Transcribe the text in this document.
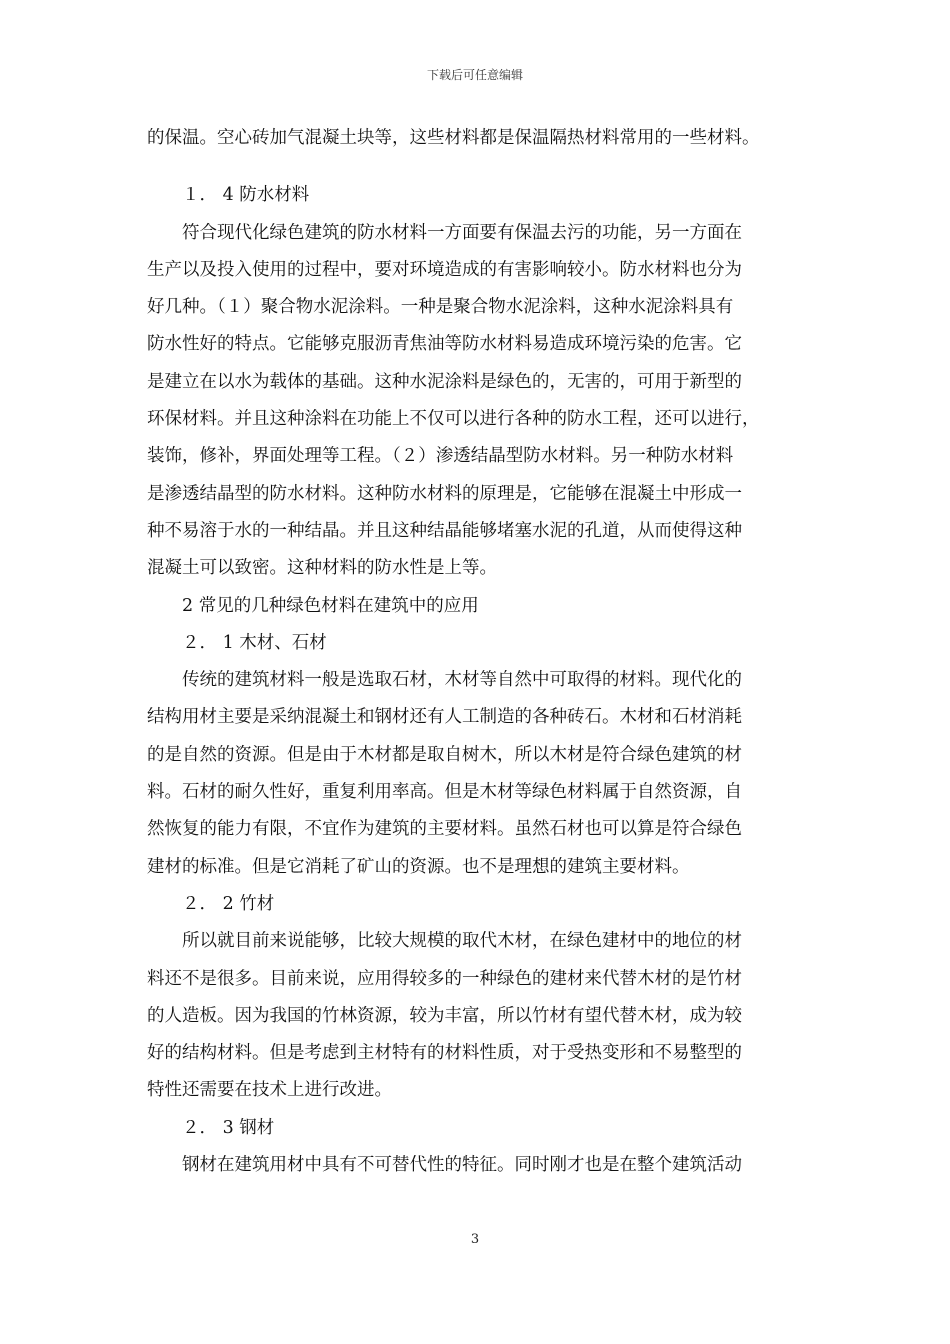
下载后可任意编辑

的保温。空心砖加气混凝土块等，这些材料都是保温隔热材料常用的一些材料。

１． 4 防水材料

符合现代化绿色建筑的防水材料一方面要有保温去污的功能，另一方面在

生产以及投入使用的过程中，要对环境造成的有害影响较小。防水材料也分为

好几种。（１）聚合物水泥涂料。一种是聚合物水泥涂料，这种水泥涂料具有

防水性好的特点。它能够克服沥青焦油等防水材料易造成环境污染的危害。它

是建立在以水为载体的基础。这种水泥涂料是绿色的，无害的，可用于新型的

环保材料。并且这种涂料在功能上不仅可以进行各种的防水工程，还可以进行，

装饰，修补，界面处理等工程。（２）渗透结晶型防水材料。另一种防水材料

是渗透结晶型的防水材料。这种防水材料的原理是，它能够在混凝土中形成一

种不易溶于水的一种结晶。并且这种结晶能够堵塞水泥的孔道，从而使得这种

混凝土可以致密。这种材料的防水性是上等。

2 常见的几种绿色材料在建筑中的应用

２． 1 木材、石材

传统的建筑材料一般是选取石材，木材等自然中可取得的材料。现代化的

结构用材主要是采纳混凝土和钢材还有人工制造的各种砖石。木材和石材消耗

的是自然的资源。但是由于木材都是取自树木，所以木材是符合绿色建筑的材

料。石材的耐久性好，重复利用率高。但是木材等绿色材料属于自然资源，自

然恢复的能力有限，不宜作为建筑的主要材料。虽然石材也可以算是符合绿色

建材的标准。但是它消耗了矿山的资源。也不是理想的建筑主要材料。

２． 2 竹材

所以就目前来说能够，比较大规模的取代木材，在绿色建材中的地位的材

料还不是很多。目前来说，应用得较多的一种绿色的建材来代替木材的是竹材

的人造板。因为我国的竹林资源，较为丰富，所以竹材有望代替木材，成为较

好的结构材料。但是考虑到主材特有的材料性质，对于受热变形和不易整型的

特性还需要在技术上进行改进。

２． 3 钢材

钢材在建筑用材中具有不可替代性的特征。同时刚才也是在整个建筑活动

3
